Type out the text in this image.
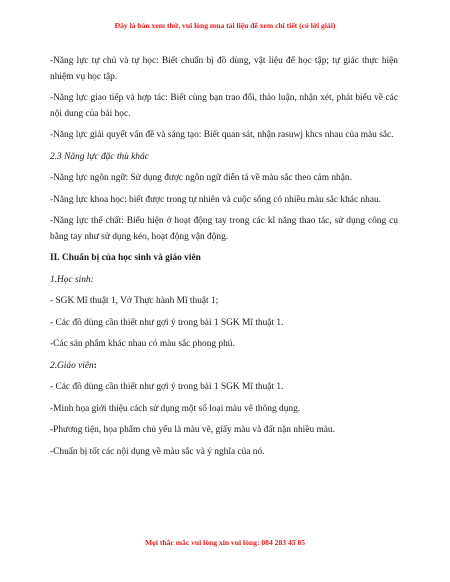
Đây là bản xem thử, vui lòng mua tài liệu để xem chi tiết (có lời giải)

-Năng lực tự chủ và tự học: Biết chuẩn bị đồ dùng, vật liệu để học tập; tự giác thực hiện nhiệm vụ học tập.

-Năng lực giao tiếp và hợp tác: Biết cùng bạn trao đổi, thảo luận, nhận xét, phát biểu về các nội dung của bài học.

-Năng lực giải quyết vấn đề và sáng tạo: Biết quan sát, nhận rasuwj khcs nhau của màu sắc.

2.3 Năng lực đặc thù khác

-Năng lực ngôn ngữ: Sử dụng được ngôn ngữ diễn tả về màu sắc theo cảm nhận.

-Năng lực khoa học: biết được trong tự nhiên và cuộc sống có nhiều màu sắc khác nhau.

-Năng lực thể chất: Biểu hiện ở hoạt động tay trong các kĩ năng thao tác, sử dụng công cụ bằng tay như sử dụng kéo, hoạt động vận động.

II. Chuẩn bị của học sinh và giáo viên

1.Học sinh:

- SGK Mĩ thuật 1, Vở Thực hành Mĩ thuật 1;

- Các đồ dùng cần thiết như gợi ý trong bài 1 SGK Mĩ thuật 1.

-Các sản phẩm khác nhau có màu sắc phong phú.

2.Giáo viên:

- Các đồ dùng cần thiết như gợi ý trong bài 1 SGK Mĩ thuật 1.

-Minh họa giới thiệu cách sử dụng một số loại màu vẽ thông dụng.

-Phương tiện, họa phẩm chủ yếu là màu vẽ, giấy màu và đất nặn nhiều màu.

-Chuẩn bị tốt các nội dụng về màu sắc và ý nghĩa của nó.

Mọi thắc mắc vui lòng xin vui lòng: 084 283 45 85
